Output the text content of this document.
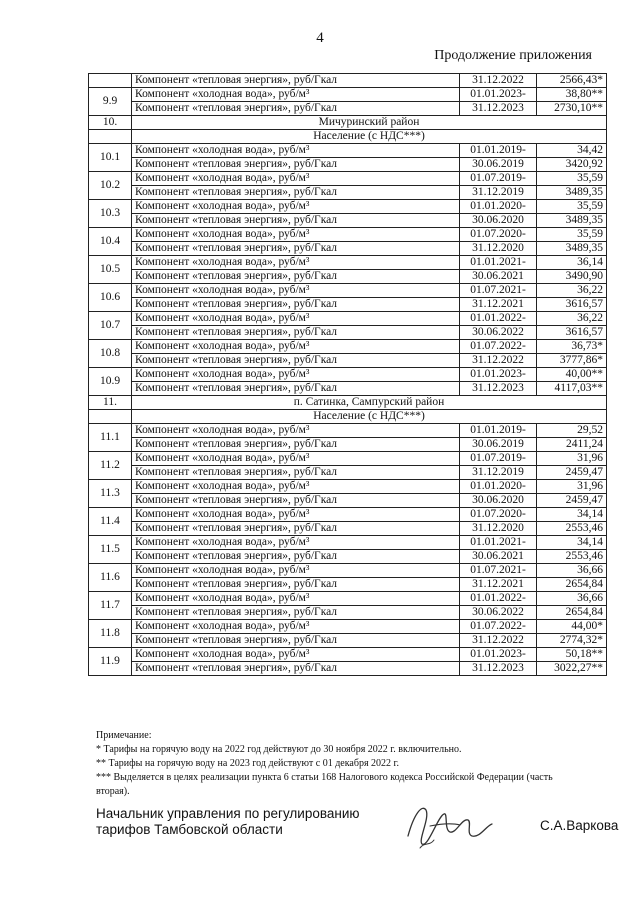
4
Продолжение приложения
	Компонент «тепловая энергия», руб/Гкал	31.12.2022	2566,43*
9.9	Компонент «холодная вода», руб/м³	01.01.2023-	38,80**
	Компонент «тепловая энергия», руб/Гкал	31.12.2023	2730,10**
10.	Мичуринский район		
	Население (с НДС***)		
10.1	Компонент «холодная вода», руб/м³	01.01.2019-	34,42
	Компонент «тепловая энергия», руб/Гкал	30.06.2019	3420,92
10.2	Компонент «холодная вода», руб/м³	01.07.2019-	35,59
	Компонент «тепловая энергия», руб/Гкал	31.12.2019	3489,35
10.3	Компонент «холодная вода», руб/м³	01.01.2020-	35,59
	Компонент «тепловая энергия», руб/Гкал	30.06.2020	3489,35
10.4	Компонент «холодная вода», руб/м³	01.07.2020-	35,59
	Компонент «тепловая энергия», руб/Гкал	31.12.2020	3489,35
10.5	Компонент «холодная вода», руб/м³	01.01.2021-	36,14
	Компонент «тепловая энергия», руб/Гкал	30.06.2021	3490,90
10.6	Компонент «холодная вода», руб/м³	01.07.2021-	36,22
	Компонент «тепловая энергия», руб/Гкал	31.12.2021	3616,57
10.7	Компонент «холодная вода», руб/м³	01.01.2022-	36,22
	Компонент «тепловая энергия», руб/Гкал	30.06.2022	3616,57
10.8	Компонент «холодная вода», руб/м³	01.07.2022-	36,73*
	Компонент «тепловая энергия», руб/Гкал	31.12.2022	3777,86*
10.9	Компонент «холодная вода», руб/м³	01.01.2023-	40,00**
	Компонент «тепловая энергия», руб/Гкал	31.12.2023	4117,03**
11.	п. Сатинка, Сампурский район		
	Население (с НДС***)		
11.1	Компонент «холодная вода», руб/м³	01.01.2019-	29,52
	Компонент «тепловая энергия», руб/Гкал	30.06.2019	2411,24
11.2	Компонент «холодная вода», руб/м³	01.07.2019-	31,96
	Компонент «тепловая энергия», руб/Гкал	31.12.2019	2459,47
11.3	Компонент «холодная вода», руб/м³	01.01.2020-	31,96
	Компонент «тепловая энергия», руб/Гкал	30.06.2020	2459,47
11.4	Компонент «холодная вода», руб/м³	01.07.2020-	34,14
	Компонент «тепловая энергия», руб/Гкал	31.12.2020	2553,46
11.5	Компонент «холодная вода», руб/м³	01.01.2021-	34,14
	Компонент «тепловая энергия», руб/Гкал	30.06.2021	2553,46
11.6	Компонент «холодная вода», руб/м³	01.07.2021-	36,66
	Компонент «тепловая энергия», руб/Гкал	31.12.2021	2654,84
11.7	Компонент «холодная вода», руб/м³	01.01.2022-	36,66
	Компонент «тепловая энергия», руб/Гкал	30.06.2022	2654,84
11.8	Компонент «холодная вода», руб/м³	01.07.2022-	44,00*
	Компонент «тепловая энергия», руб/Гкал	31.12.2022	2774,32*
11.9	Компонент «холодная вода», руб/м³	01.01.2023-	50,18**
	Компонент «тепловая энергия», руб/Гкал	31.12.2023	3022,27**
Примечание:
* Тарифы на горячую воду на 2022 год действуют до 30 ноября 2022 г. включительно.
** Тарифы на горячую воду на 2023 год действуют с 01 декабря 2022 г.
*** Выделяется в целях реализации пункта 6 статьи 168 Налогового кодекса Российской Федерации (часть
вторая).
Начальник управления по регулированию
тарифов Тамбовской области	С.А.Варкова
